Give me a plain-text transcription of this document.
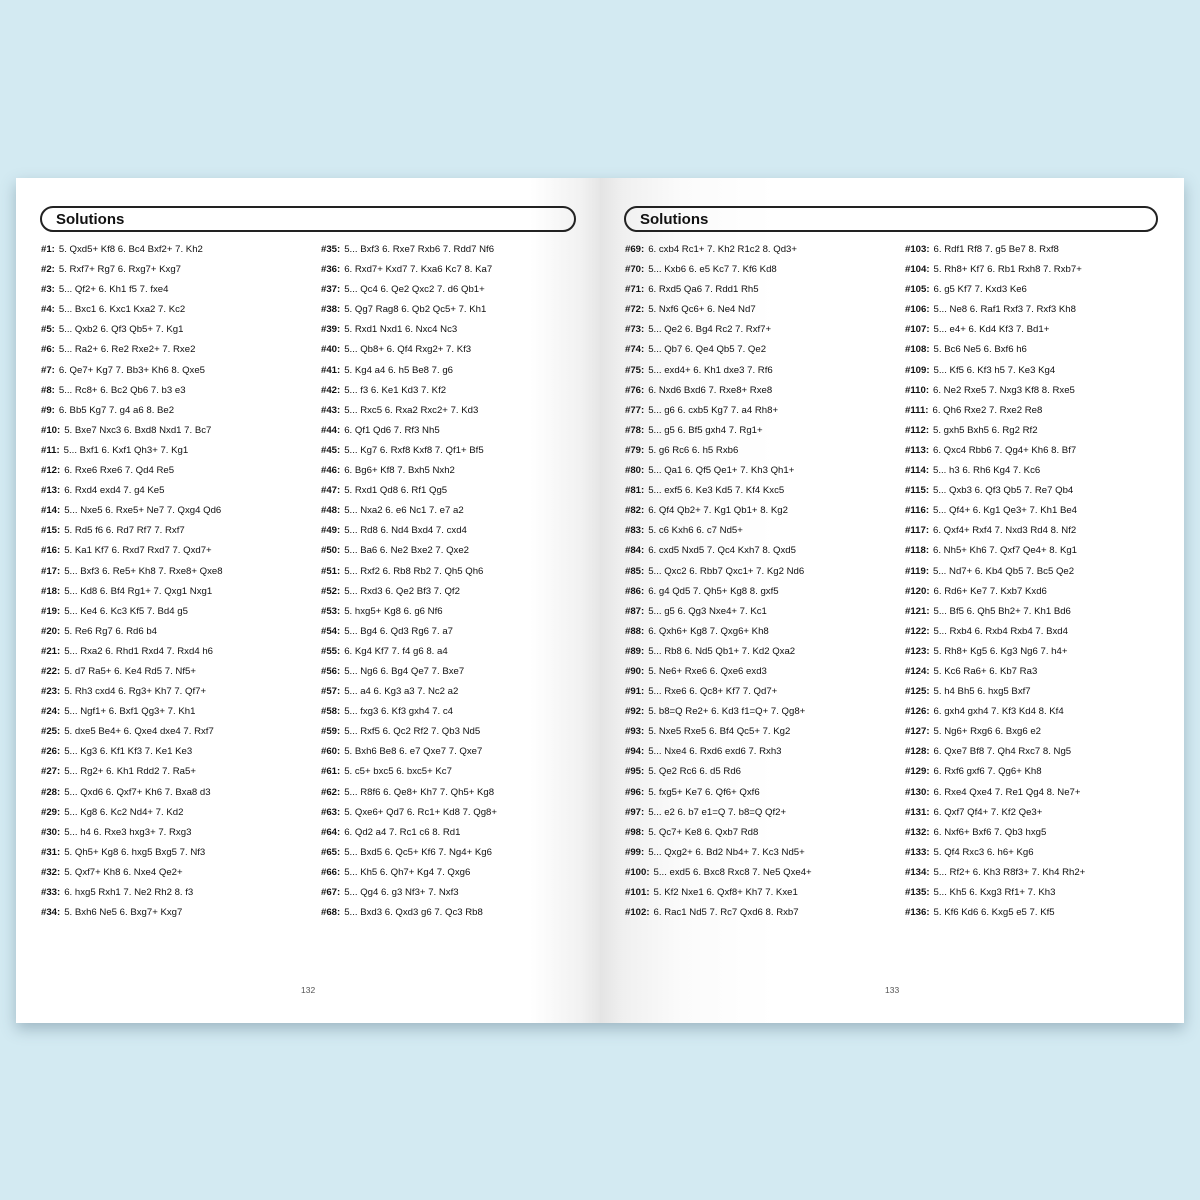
Solutions
#1: 5. Qxd5+ Kf8 6. Bc4 Bxf2+ 7. Kh2
#2: 5. Rxf7+ Rg7 6. Rxg7+ Kxg7
#3: 5... Qf2+ 6. Kh1 f5 7. fxe4
#4: 5... Bxc1 6. Kxc1 Kxa2 7. Kc2
#5: 5... Qxb2 6. Qf3 Qb5+ 7. Kg1
#6: 5... Ra2+ 6. Re2 Rxe2+ 7. Rxe2
#7: 6. Qe7+ Kg7 7. Bb3+ Kh6 8. Qxe5
#8: 5... Rc8+ 6. Bc2 Qb6 7. b3 e3
#9: 6. Bb5 Kg7 7. g4 a6 8. Be2
#10: 5. Bxe7 Nxc3 6. Bxd8 Nxd1 7. Bc7
#11: 5... Bxf1 6. Kxf1 Qh3+ 7. Kg1
#12: 6. Rxe6 Rxe6 7. Qd4 Re5
#13: 6. Rxd4 exd4 7. g4 Ke5
#14: 5... Nxe5 6. Rxe5+ Ne7 7. Qxg4 Qd6
#15: 5. Rd5 f6 6. Rd7 Rf7 7. Rxf7
#16: 5. Ka1 Kf7 6. Rxd7 Rxd7 7. Qxd7+
#17: 5... Bxf3 6. Re5+ Kh8 7. Rxe8+ Qxe8
#18: 5... Kd8 6. Bf4 Rg1+ 7. Qxg1 Nxg1
#19: 5... Ke4 6. Kc3 Kf5 7. Bd4 g5
#20: 5. Re6 Rg7 6. Rd6 b4
#21: 5... Rxa2 6. Rhd1 Rxd4 7. Rxd4 h6
#22: 5. d7 Ra5+ 6. Ke4 Rd5 7. Nf5+
#23: 5. Rh3 cxd4 6. Rg3+ Kh7 7. Qf7+
#24: 5... Ngf1+ 6. Bxf1 Qg3+ 7. Kh1
#25: 5. dxe5 Be4+ 6. Qxe4 dxe4 7. Rxf7
#26: 5... Kg3 6. Kf1 Kf3 7. Ke1 Ke3
#27: 5... Rg2+ 6. Kh1 Rdd2 7. Ra5+
#28: 5... Qxd6 6. Qxf7+ Kh6 7. Bxa8 d3
#29: 5... Kg8 6. Kc2 Nd4+ 7. Kd2
#30: 5... h4 6. Rxe3 hxg3+ 7. Rxg3
#31: 5. Qh5+ Kg8 6. hxg5 Bxg5 7. Nf3
#32: 5. Qxf7+ Kh8 6. Nxe4 Qe2+
#33: 6. hxg5 Rxh1 7. Ne2 Rh2 8. f3
#34: 5. Bxh6 Ne5 6. Bxg7+ Kxg7
#35: 5... Bxf3 6. Rxe7 Rxb6 7. Rdd7 Nf6
#36: 6. Rxd7+ Kxd7 7. Kxa6 Kc7 8. Ka7
#37: 5... Qc4 6. Qe2 Qxc2 7. d6 Qb1+
#38: 5. Qg7 Rag8 6. Qb2 Qc5+ 7. Kh1
#39: 5. Rxd1 Nxd1 6. Nxc4 Nc3
#40: 5... Qb8+ 6. Qf4 Rxg2+ 7. Kf3
#41: 5. Kg4 a4 6. h5 Be8 7. g6
#42: 5... f3 6. Ke1 Kd3 7. Kf2
#43: 5... Rxc5 6. Rxa2 Rxc2+ 7. Kd3
#44: 6. Qf1 Qd6 7. Rf3 Nh5
#45: 5... Kg7 6. Rxf8 Kxf8 7. Qf1+ Bf5
#46: 6. Bg6+ Kf8 7. Bxh5 Nxh2
#47: 5. Rxd1 Qd8 6. Rf1 Qg5
#48: 5... Nxa2 6. e6 Nc1 7. e7 a2
#49: 5... Rd8 6. Nd4 Bxd4 7. cxd4
#50: 5... Ba6 6. Ne2 Bxe2 7. Qxe2
#51: 5... Rxf2 6. Rb8 Rb2 7. Qh5 Qh6
#52: 5... Rxd3 6. Qe2 Bf3 7. Qf2
#53: 5. hxg5+ Kg8 6. g6 Nf6
#54: 5... Bg4 6. Qd3 Rg6 7. a7
#55: 6. Kg4 Kf7 7. f4 g6 8. a4
#56: 5... Ng6 6. Bg4 Qe7 7. Bxe7
#57: 5... a4 6. Kg3 a3 7. Nc2 a2
#58: 5... fxg3 6. Kf3 gxh4 7. c4
#59: 5... Rxf5 6. Qc2 Rf2 7. Qb3 Nd5
#60: 5. Bxh6 Be8 6. e7 Qxe7 7. Qxe7
#61: 5. c5+ bxc5 6. bxc5+ Kc7
#62: 5... R8f6 6. Qe8+ Kh7 7. Qh5+ Kg8
#63: 5. Qxe6+ Qd7 6. Rc1+ Kd8 7. Qg8+
#64: 6. Qd2 a4 7. Rc1 c6 8. Rd1
#65: 5... Bxd5 6. Qc5+ Kf6 7. Ng4+ Kg6
#66: 5... Kh5 6. Qh7+ Kg4 7. Qxg6
#67: 5... Qg4 6. g3 Nf3+ 7. Nxf3
#68: 5... Bxd3 6. Qxd3 g6 7. Qc3 Rb8
132
Solutions
#69: 6. cxb4 Rc1+ 7. Kh2 R1c2 8. Qd3+
#70: 5... Kxb6 6. e5 Kc7 7. Kf6 Kd8
#71: 6. Rxd5 Qa6 7. Rdd1 Rh5
#72: 5. Nxf6 Qc6+ 6. Ne4 Nd7
#73: 5... Qe2 6. Bg4 Rc2 7. Rxf7+
#74: 5... Qb7 6. Qe4 Qb5 7. Qe2
#75: 5... exd4+ 6. Kh1 dxe3 7. Rf6
#76: 6. Nxd6 Bxd6 7. Rxe8+ Rxe8
#77: 5... g6 6. cxb5 Kg7 7. a4 Rh8+
#78: 5... g5 6. Bf5 gxh4 7. Rg1+
#79: 5. g6 Rc6 6. h5 Rxb6
#80: 5... Qa1 6. Qf5 Qe1+ 7. Kh3 Qh1+
#81: 5... exf5 6. Ke3 Kd5 7. Kf4 Kxc5
#82: 6. Qf4 Qb2+ 7. Kg1 Qb1+ 8. Kg2
#83: 5. c6 Kxh6 6. c7 Nd5+
#84: 6. cxd5 Nxd5 7. Qc4 Kxh7 8. Qxd5
#85: 5... Qxc2 6. Rbb7 Qxc1+ 7. Kg2 Nd6
#86: 6. g4 Qd5 7. Qh5+ Kg8 8. gxf5
#87: 5... g5 6. Qg3 Nxe4+ 7. Kc1
#88: 6. Qxh6+ Kg8 7. Qxg6+ Kh8
#89: 5... Rb8 6. Nd5 Qb1+ 7. Kd2 Qxa2
#90: 5. Ne6+ Rxe6 6. Qxe6 exd3
#91: 5... Rxe6 6. Qc8+ Kf7 7. Qd7+
#92: 5. b8=Q Re2+ 6. Kd3 f1=Q+ 7. Qg8+
#93: 5. Nxe5 Rxe5 6. Bf4 Qc5+ 7. Kg2
#94: 5... Nxe4 6. Rxd6 exd6 7. Rxh3
#95: 5. Qe2 Rc6 6. d5 Rd6
#96: 5. fxg5+ Ke7 6. Qf6+ Qxf6
#97: 5... e2 6. b7 e1=Q 7. b8=Q Qf2+
#98: 5. Qc7+ Ke8 6. Qxb7 Rd8
#99: 5... Qxg2+ 6. Bd2 Nb4+ 7. Kc3 Nd5+
#100: 5... exd5 6. Bxc8 Rxc8 7. Ne5 Qxe4+
#101: 5. Kf2 Nxe1 6. Qxf8+ Kh7 7. Kxe1
#102: 6. Rac1 Nd5 7. Rc7 Qxd6 8. Rxb7
#103: 6. Rdf1 Rf8 7. g5 Be7 8. Rxf8
#104: 5. Rh8+ Kf7 6. Rb1 Rxh8 7. Rxb7+
#105: 6. g5 Kf7 7. Kxd3 Ke6
#106: 5... Ne8 6. Raf1 Rxf3 7. Rxf3 Kh8
#107: 5... e4+ 6. Kd4 Kf3 7. Bd1+
#108: 5. Bc6 Ne5 6. Bxf6 h6
#109: 5... Kf5 6. Kf3 h5 7. Ke3 Kg4
#110: 6. Ne2 Rxe5 7. Nxg3 Kf8 8. Rxe5
#111: 6. Qh6 Rxe2 7. Rxe2 Re8
#112: 5. gxh5 Bxh5 6. Rg2 Rf2
#113: 6. Qxc4 Rbb6 7. Qg4+ Kh6 8. Bf7
#114: 5... h3 6. Rh6 Kg4 7. Kc6
#115: 5... Qxb3 6. Qf3 Qb5 7. Re7 Qb4
#116: 5... Qf4+ 6. Kg1 Qe3+ 7. Kh1 Be4
#117: 6. Qxf4+ Rxf4 7. Nxd3 Rd4 8. Nf2
#118: 6. Nh5+ Kh6 7. Qxf7 Qe4+ 8. Kg1
#119: 5... Nd7+ 6. Kb4 Qb5 7. Bc5 Qe2
#120: 6. Rd6+ Ke7 7. Kxb7 Kxd6
#121: 5... Bf5 6. Qh5 Bh2+ 7. Kh1 Bd6
#122: 5... Rxb4 6. Rxb4 Rxb4 7. Bxd4
#123: 5. Rh8+ Kg5 6. Kg3 Ng6 7. h4+
#124: 5. Kc6 Ra6+ 6. Kb7 Ra3
#125: 5. h4 Bh5 6. hxg5 Bxf7
#126: 6. gxh4 gxh4 7. Kf3 Kd4 8. Kf4
#127: 5. Ng6+ Rxg6 6. Bxg6 e2
#128: 6. Qxe7 Bf8 7. Qh4 Rxc7 8. Ng5
#129: 6. Rxf6 gxf6 7. Qg6+ Kh8
#130: 6. Rxe4 Qxe4 7. Re1 Qg4 8. Ne7+
#131: 6. Qxf7 Qf4+ 7. Kf2 Qe3+
#132: 6. Nxf6+ Bxf6 7. Qb3 hxg5
#133: 5. Qf4 Rxc3 6. h6+ Kg6
#134: 5... Rf2+ 6. Kh3 R8f3+ 7. Kh4 Rh2+
#135: 5... Kh5 6. Kxg3 Rf1+ 7. Kh3
#136: 5. Kf6 Kd6 6. Kxg5 e5 7. Kf5
133
